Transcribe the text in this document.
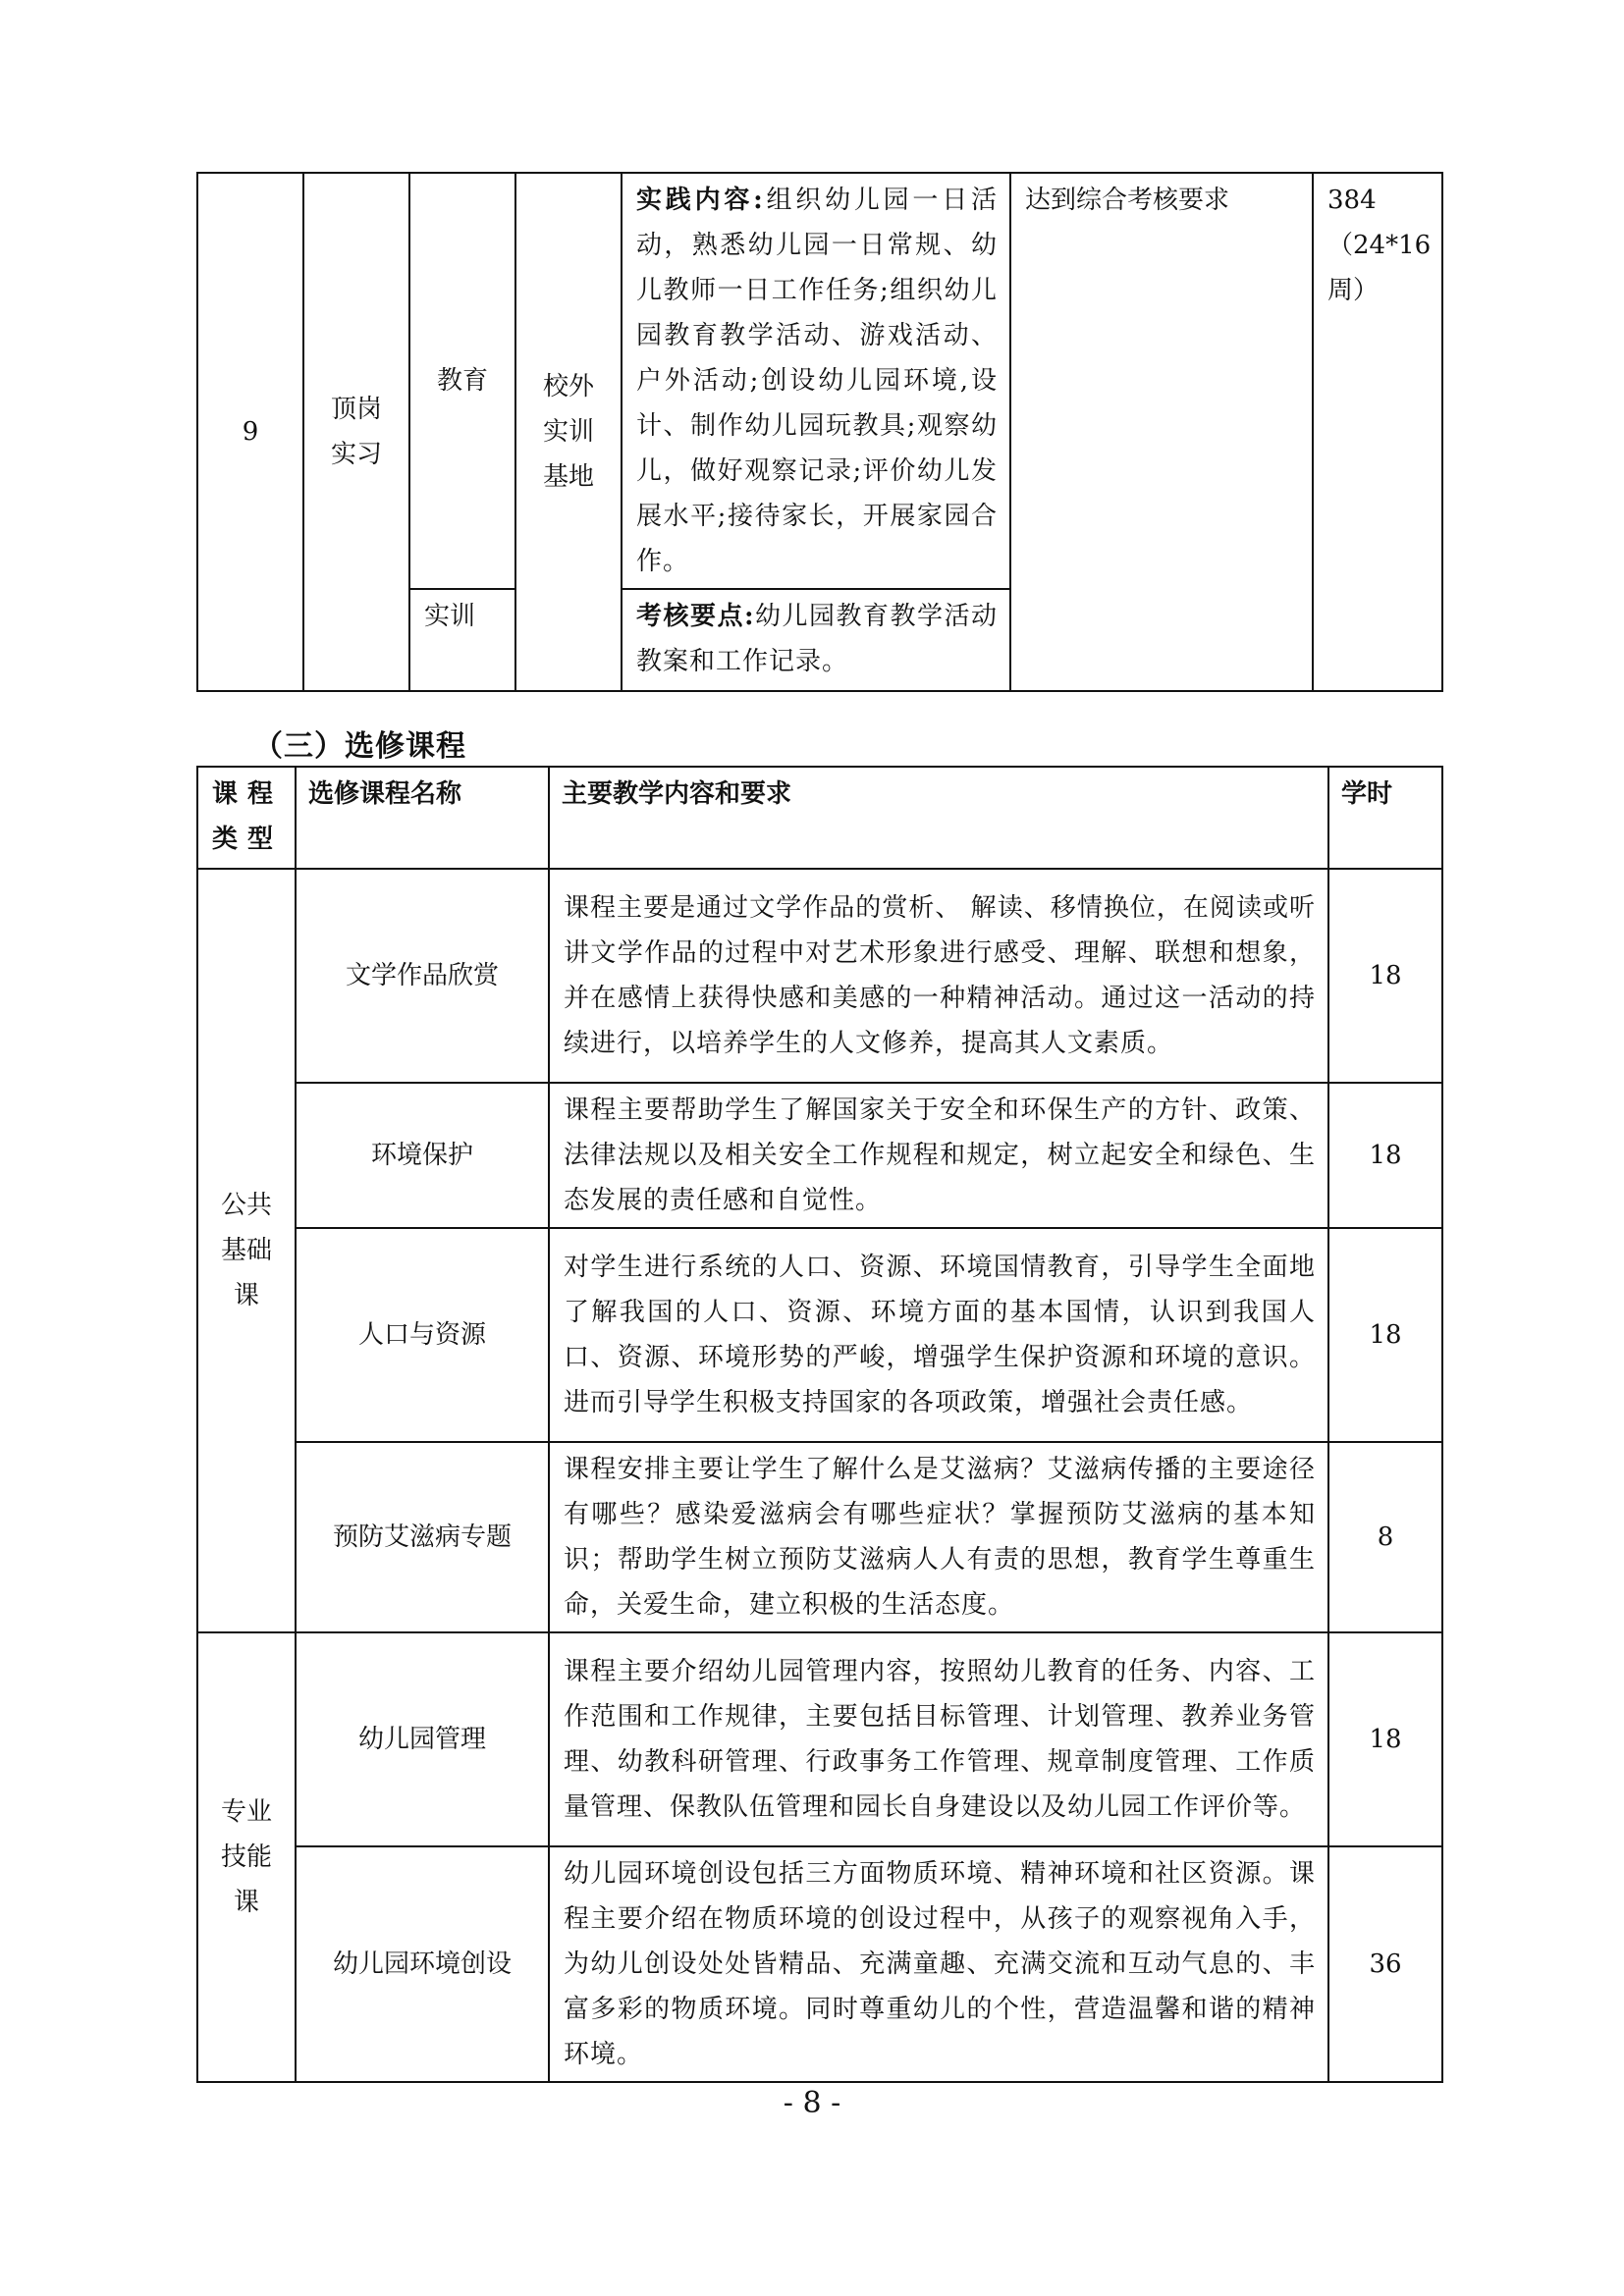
9	顶岗实习	教育	校外实训基地	实践内容:组织幼儿园一日活动，熟悉幼儿园一日常规、幼儿教师一日工作任务;组织幼儿园教育教学活动、游戏活动、户外活动;创设幼儿园环境,设计、制作幼儿园玩教具;观察幼儿，做好观察记录;评价幼儿发展水平;接待家长，开展家园合作。	达到综合考核要求	384（24*16周）
		实训		考核要点:幼儿园教育教学活动教案和工作记录。		
（三）选修课程
课程类型	选修课程名称	主要教学内容和要求	学时
公共基础课	文学作品欣赏	课程主要是通过文学作品的赏析、 解读、移情换位，在阅读或听讲文学作品的过程中对艺术形象进行感受、理解、联想和想象，并在感情上获得快感和美感的一种精神活动。通过这一活动的持续进行，以培养学生的人文修养，提高其人文素质。	18
	环境保护	课程主要帮助学生了解国家关于安全和环保生产的方针、政策、法律法规以及相关安全工作规程和规定，树立起安全和绿色、生态发展的责任感和自觉性。	18
	人口与资源	对学生进行系统的人口、资源、环境国情教育，引导学生全面地了解我国的人口、资源、环境方面的基本国情，认识到我国人口、资源、环境形势的严峻，增强学生保护资源和环境的意识。进而引导学生积极支持国家的各项政策，增强社会责任感。	18
	预防艾滋病专题	课程安排主要让学生了解什么是艾滋病？艾滋病传播的主要途径有哪些？感染爱滋病会有哪些症状？掌握预防艾滋病的基本知识；帮助学生树立预防艾滋病人人有责的思想，教育学生尊重生命，关爱生命，建立积极的生活态度。	8
专业技能课	幼儿园管理	课程主要介绍幼儿园管理内容，按照幼儿教育的任务、内容、工作范围和工作规律，主要包括目标管理、计划管理、教养业务管理、幼教科研管理、行政事务工作管理、规章制度管理、工作质量管理、保教队伍管理和园长自身建设以及幼儿园工作评价等。	18
	幼儿园环境创设	幼儿园环境创设包括三方面物质环境、精神环境和社区资源。课程主要介绍在物质环境的创设过程中，从孩子的观察视角入手，为幼儿创设处处皆精品、充满童趣、充满交流和互动气息的、丰富多彩的物质环境。同时尊重幼儿的个性，营造温馨和谐的精神环境。	36
- 8 -
